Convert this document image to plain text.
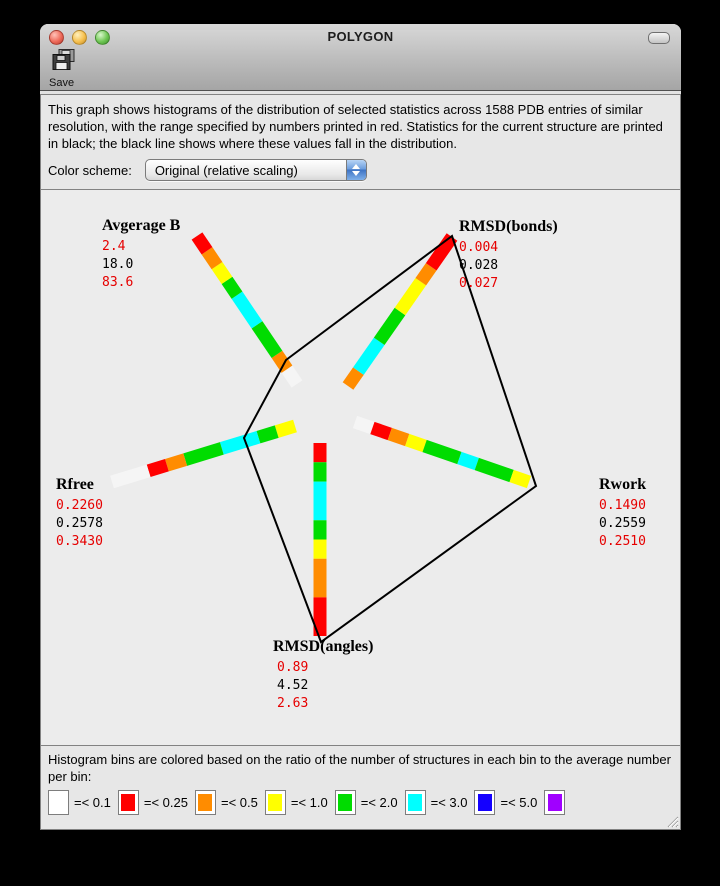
POLYGON
Save

This graph shows histograms of the distribution of selected statistics across 1588 PDB entries of similar resolution, with the range specified by numbers printed in red. Statistics for the current structure are printed in black; the black line shows where these values fall in the distribution.

Color scheme:	Original (relative scaling)
Avgerage B
2.4
18.0
83.6
RMSD(bonds)
0.004
0.028
0.027
Rwork
0.1490
0.2559
0.2510
RMSD(angles)
0.89
4.52
2.63
Rfree
0.2260
0.2578
0.3430

Histogram bins are colored based on the ratio of the number of structures in each bin to the average number per bin:

=< 0.1	=< 0.25	=< 0.5	=< 1.0	=< 2.0	=< 3.0	=< 5.0
